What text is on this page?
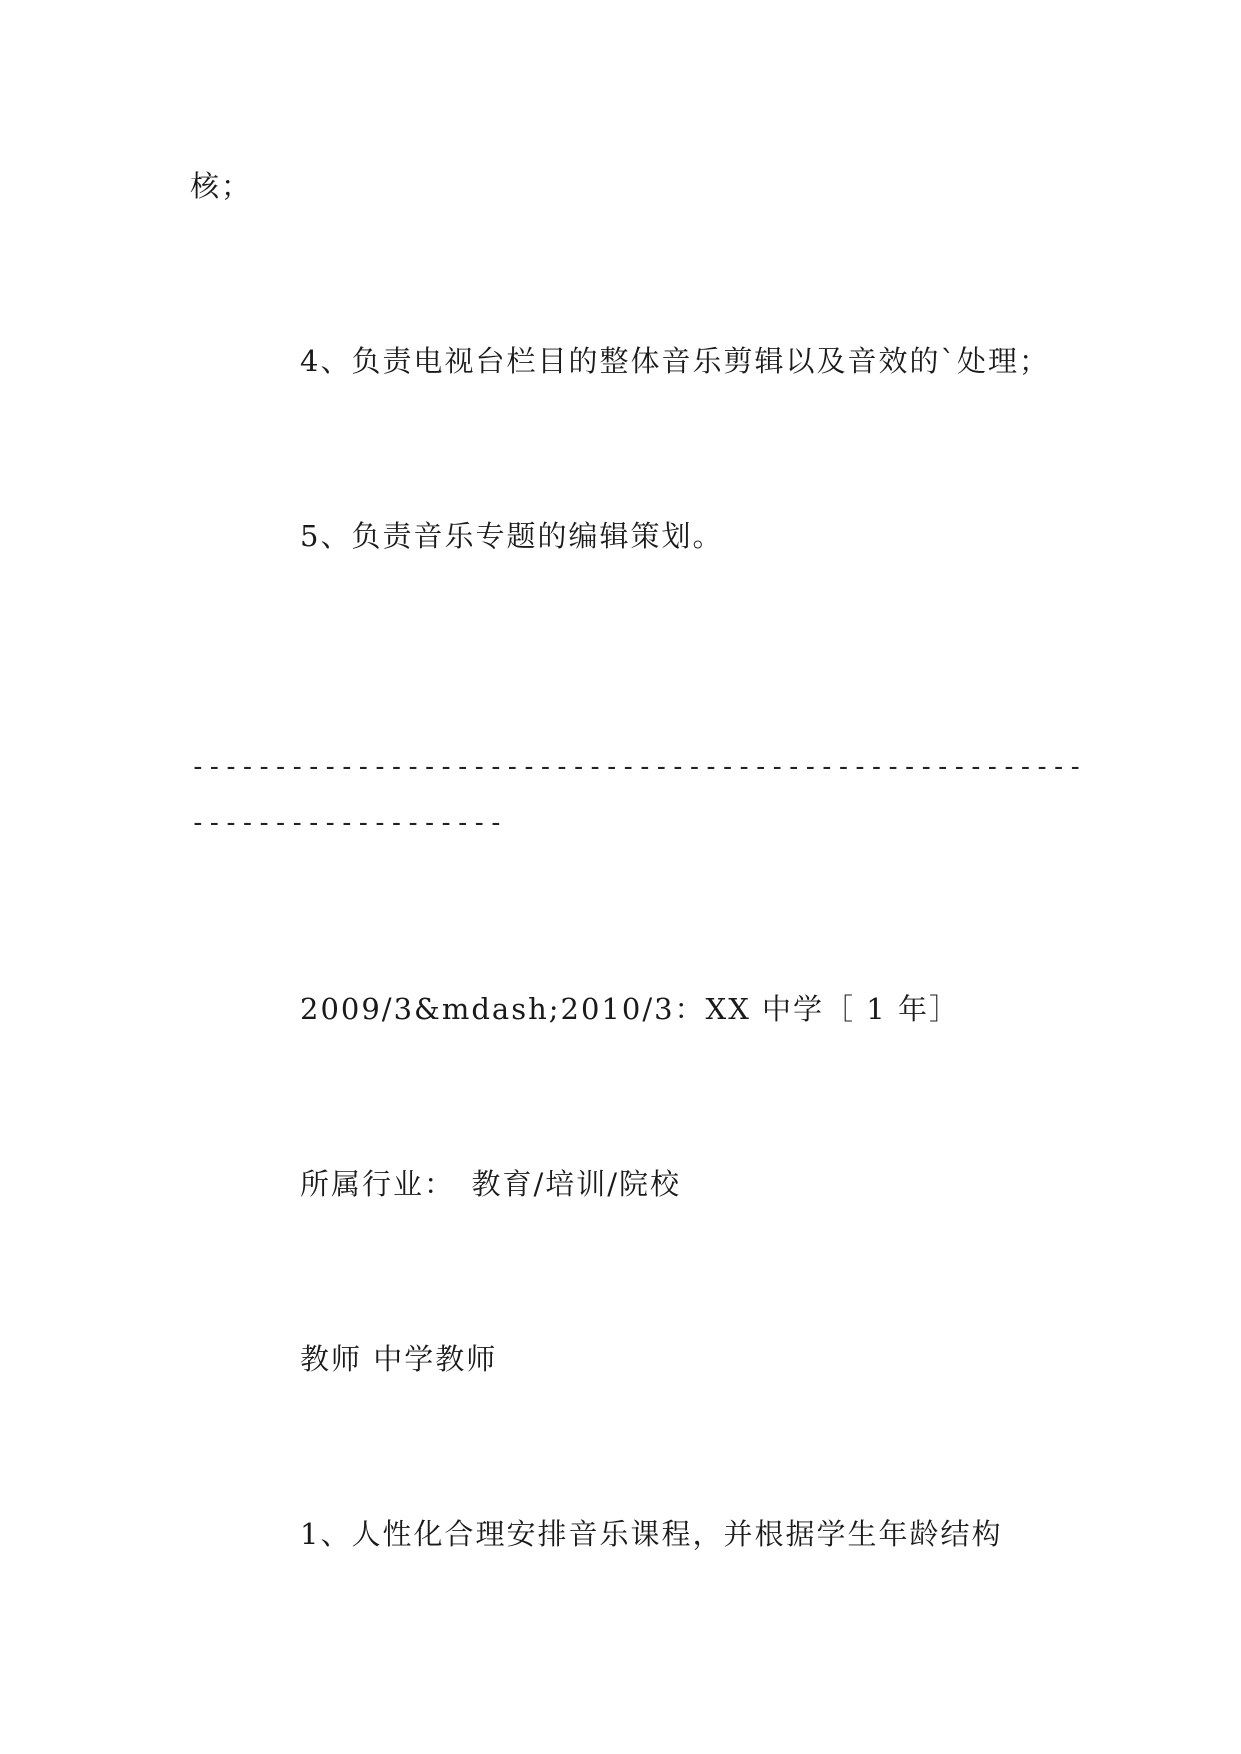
核；
4、负责电视台栏目的整体音乐剪辑以及音效的`处理；
5、负责音乐专题的编辑策划。
------------------------------------------------------
-------------------
2009/3&mdash;2010/3：XX 中学［ 1 年］
所属行业：　教育/培训/院校
教师 中学教师
1、人性化合理安排音乐课程，并根据学生年龄结构
